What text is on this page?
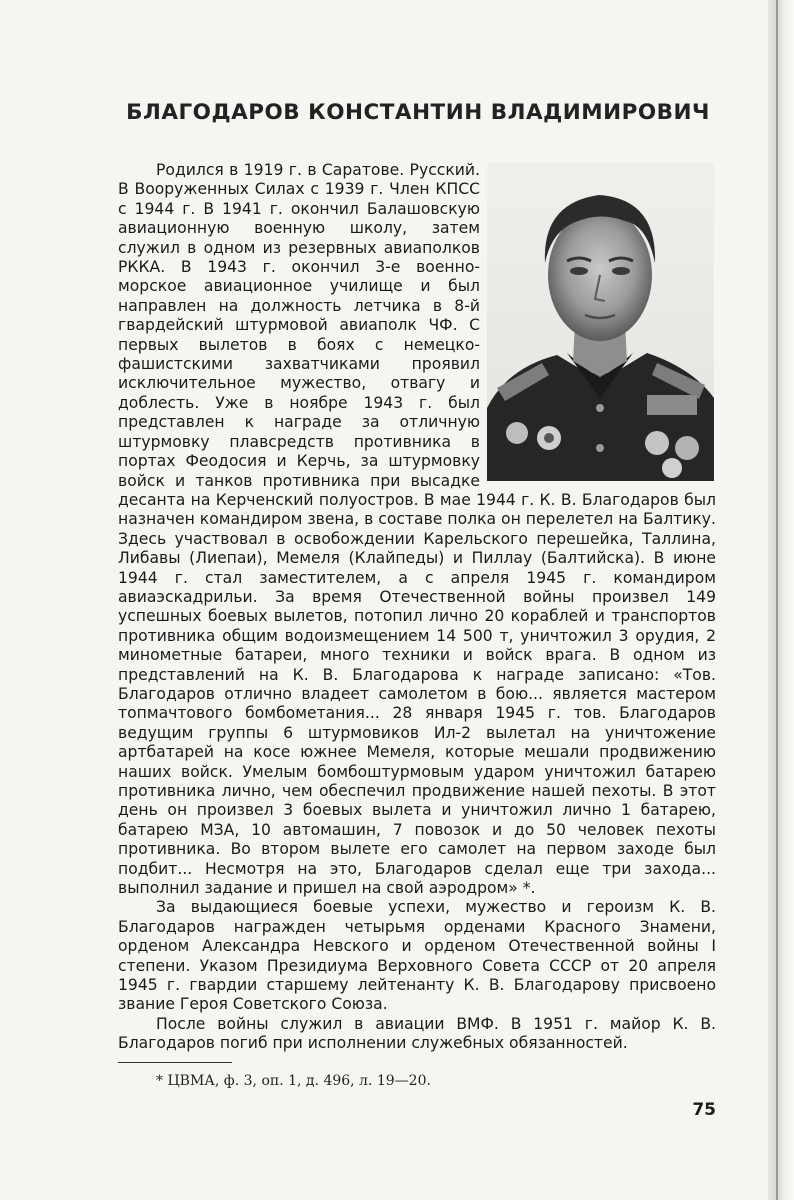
БЛАГОДАРОВ КОНСТАНТИН ВЛАДИМИРОВИЧ

Родился в 1919 г. в Саратове. Русский. В Вооруженных Силах с 1939 г. Член КПСС с 1944 г. В 1941 г. окончил Балашовскую авиационную военную школу, затем служил в одном из резервных авиаполков РККА. В 1943 г. окончил 3-е военно-морское авиационное училище и был направлен на должность летчика в 8-й гвардейский штурмовой авиаполк ЧФ. С первых вылетов в боях с немецко-фашистскими захватчиками проявил исключительное мужество, отвагу и доблесть. Уже в ноябре 1943 г. был представлен к награде за отличную штурмовку плавсредств противника в портах Феодосия и Керчь, за штурмовку войск и танков противника при высадке десанта на Керченский полуостров. В мае 1944 г. К. В. Благодаров был назначен командиром звена, в составе полка он перелетел на Балтику. Здесь участвовал в освобождении Карельского перешейка, Таллина, Либавы (Лиепаи), Мемеля (Клайпеды) и Пиллау (Балтийска). В июне 1944 г. стал заместителем, а с апреля 1945 г. командиром авиаэскадрильи. За время Отечественной войны произвел 149 успешных боевых вылетов, потопил лично 20 кораблей и транспортов противника общим водоизмещением 14 500 т, уничтожил 3 орудия, 2 минометные батареи, много техники и войск врага. В одном из представлений на К. В. Благодарова к награде записано: «Тов. Благодаров отлично владеет самолетом в бою... является мастером топмачтового бомбометания... 28 января 1945 г. тов. Благодаров ведущим группы 6 штурмовиков Ил-2 вылетал на уничтожение артбатарей на косе южнее Мемеля, которые мешали продвижению наших войск. Умелым бомбоштурмовым ударом уничтожил батарею противника лично, чем обеспечил продвижение нашей пехоты. В этот день он произвел 3 боевых вылета и уничтожил лично 1 батарею, батарею МЗА, 10 автомашин, 7 повозок и до 50 человек пехоты противника. Во втором вылете его самолет на первом заходе был подбит... Несмотря на это, Благодаров сделал еще три захода... выполнил задание и пришел на свой аэродром» *.

За выдающиеся боевые успехи, мужество и героизм К. В. Благодаров награжден четырьмя орденами Красного Знамени, орденом Александра Невского и орденом Отечественной войны I степени. Указом Президиума Верховного Совета СССР от 20 апреля 1945 г. гвардии старшему лейтенанту К. В. Благодарову присвоено звание Героя Советского Союза.

После войны служил в авиации ВМФ. В 1951 г. майор К. В. Благодаров погиб при исполнении служебных обязанностей.

* ЦВМА, ф. 3, оп. 1, д. 496, л. 19—20.
75
